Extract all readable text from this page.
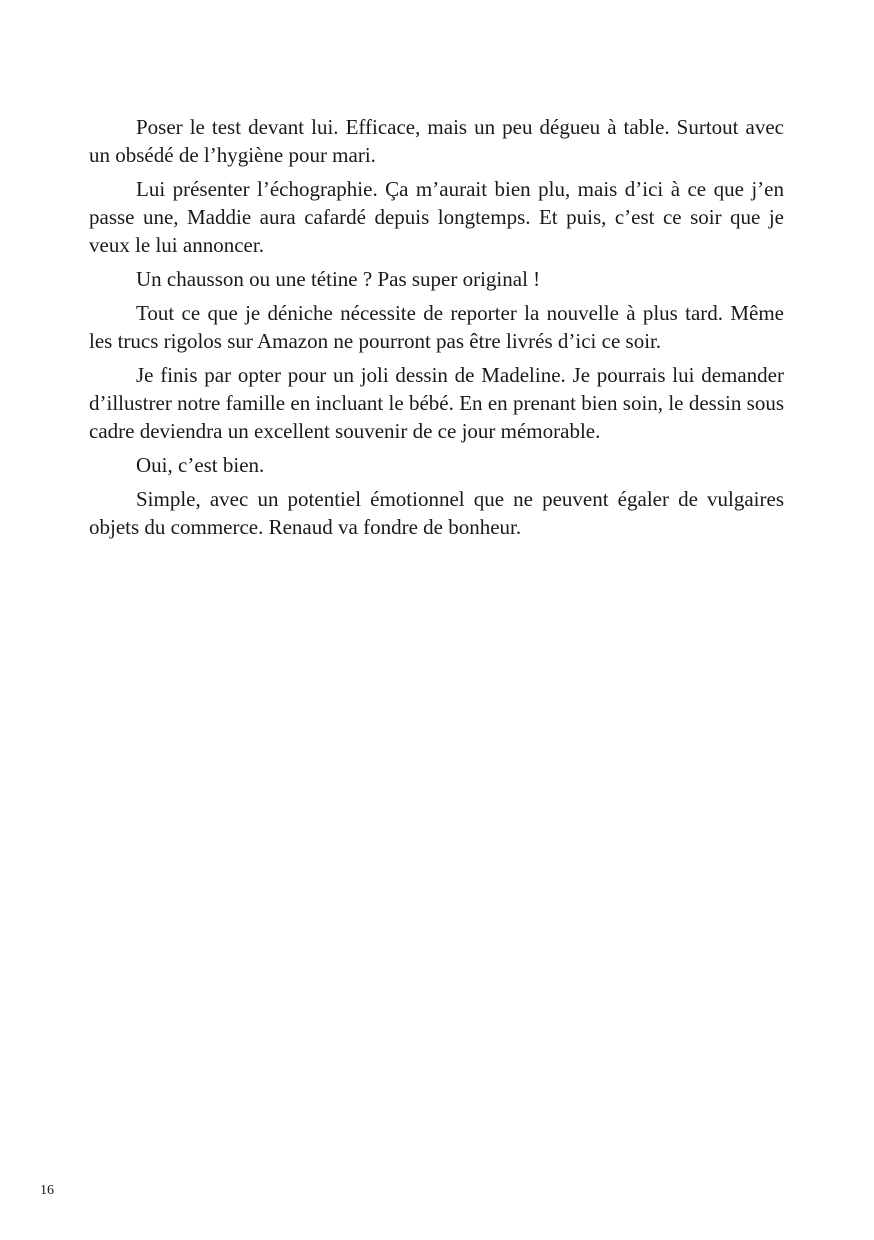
Poser le test devant lui. Efficace, mais un peu dégueu à table. Surtout avec un obsédé de l’hygiène pour mari.

Lui présenter l’échographie. Ça m’aurait bien plu, mais d’ici à ce que j’en passe une, Maddie aura cafardé depuis longtemps. Et puis, c’est ce soir que je veux le lui annoncer.

Un chausson ou une tétine ? Pas super original !

Tout ce que je déniche nécessite de reporter la nouvelle à plus tard. Même les trucs rigolos sur Amazon ne pourront pas être livrés d’ici ce soir.

Je finis par opter pour un joli dessin de Madeline. Je pourrais lui demander d’illustrer notre famille en incluant le bébé. En en prenant bien soin, le dessin sous cadre deviendra un excellent souvenir de ce jour mémorable.

Oui, c’est bien.

Simple, avec un potentiel émotionnel que ne peuvent égaler de vulgaires objets du commerce. Renaud va fondre de bonheur.

16
